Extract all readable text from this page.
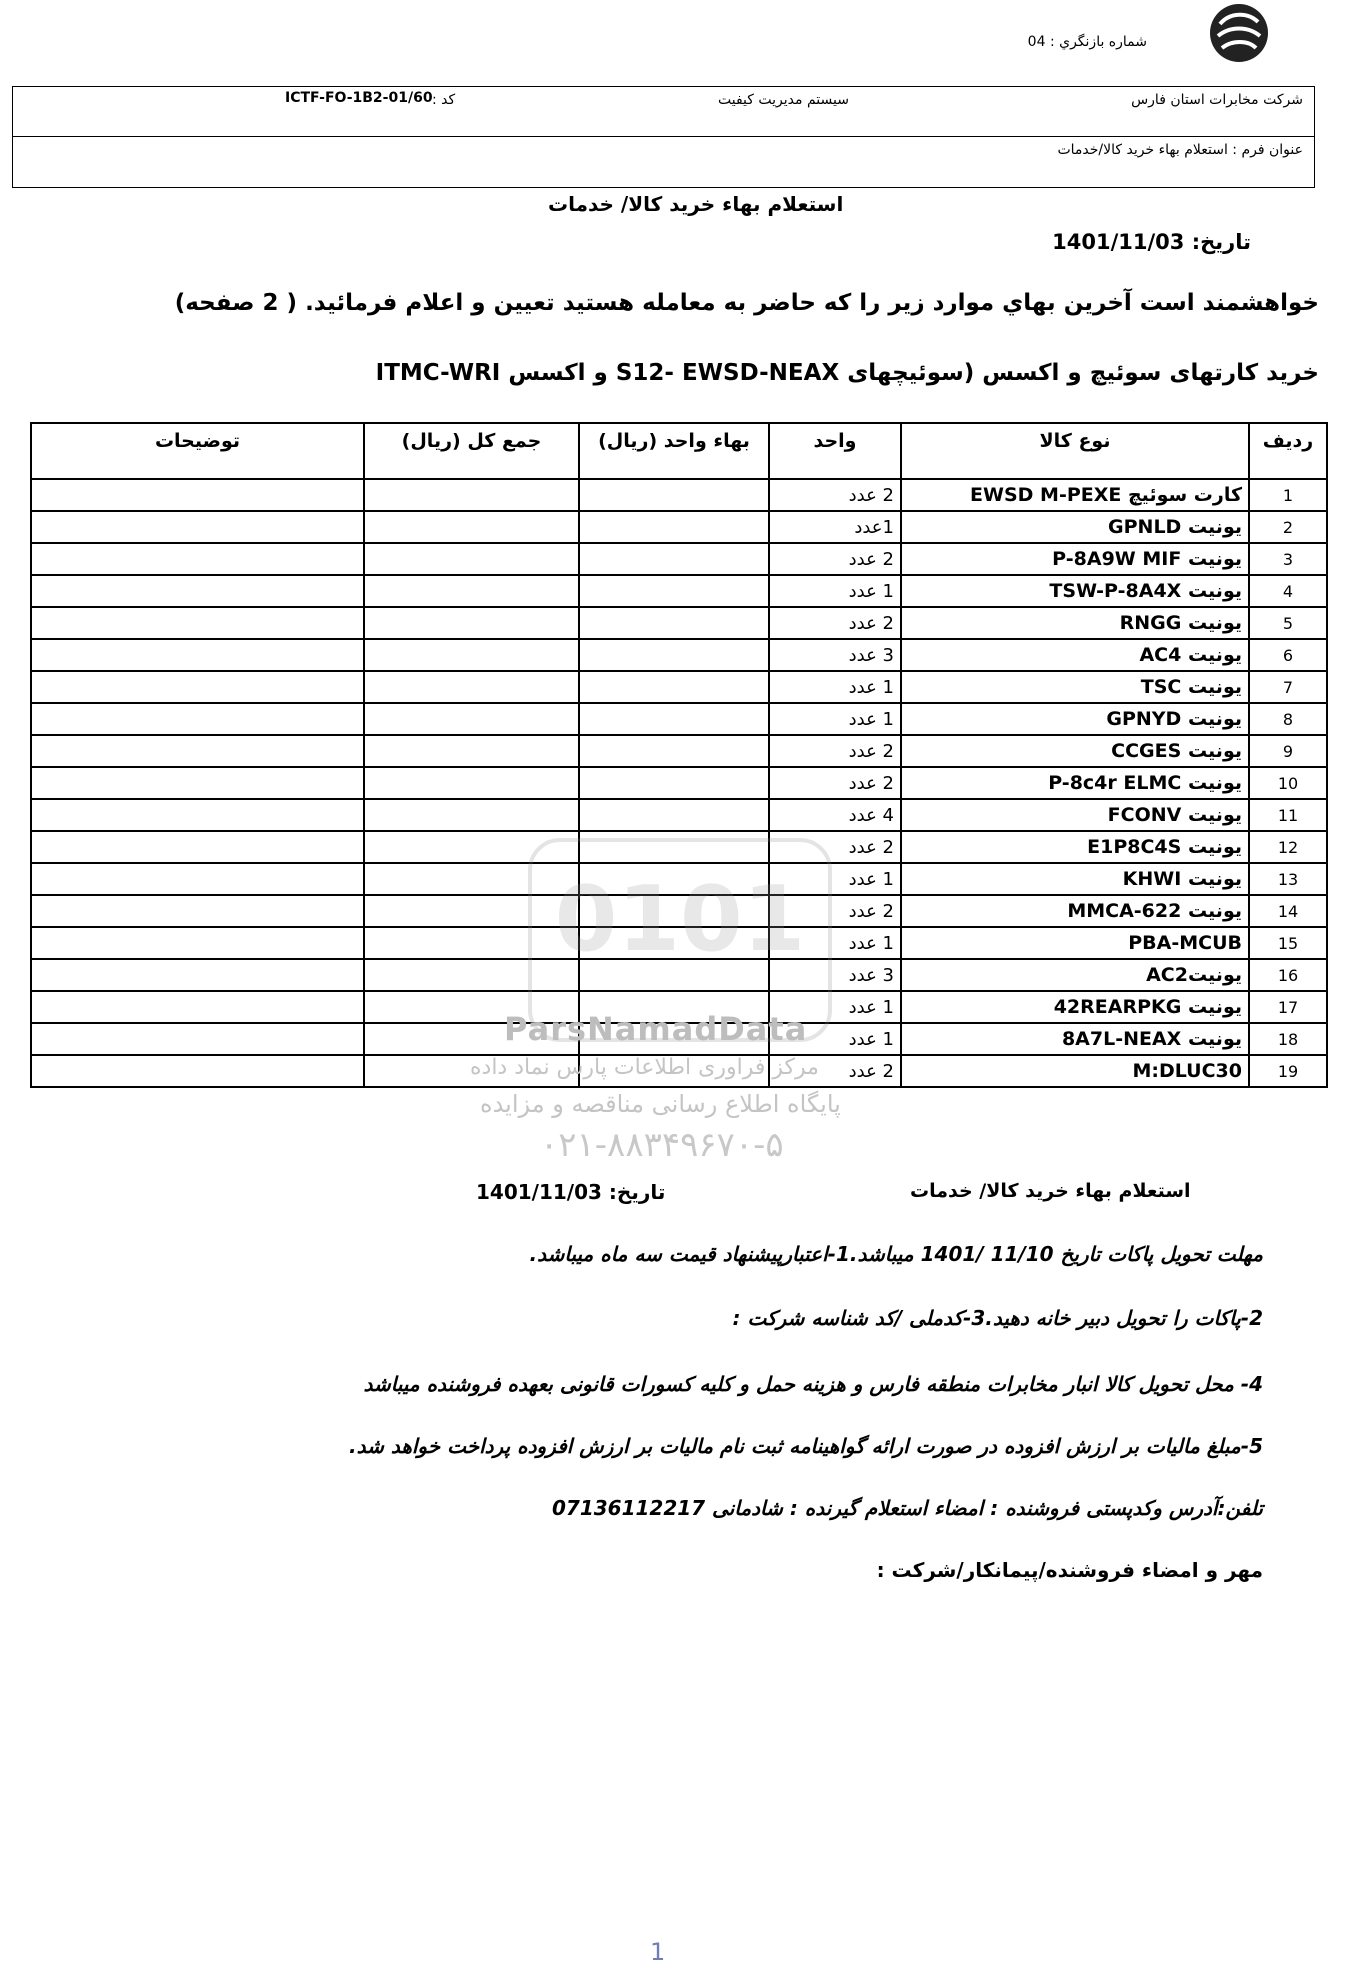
شماره بازنگري : 04
شرکت مخابرات استان فارس
سيستم مديريت کيفيت
کد :
ICTF-FO-1B2-01/60
عنوان فرم : استعلام بهاء خريد کالا/خدمات
استعلام بهاء خريد کالا/ خدمات
تاریخ: 1401/11/03
خواهشمند است آخرين بهاي موارد زير را که حاضر به معامله هستيد تعيين و اعلام فرمائيد. ( 2 صفحه)
خرید کارتهای سوئیچ و اکسس (سوئیچهای S12- EWSD-NEAX و اکسس ITMC-WRI
رديف	نوع کالا	واحد	بهاء واحد (ريال)	جمع کل (ريال)	توضيحات
1	کارت سوئیچ EWSD M-PEXE	2 عدد			
2	یونیت GPNLD	1عدد			
3	یونیت P-8A9W MIF	2 عدد			
4	یونیت TSW-P-8A4X	1 عدد			
5	یونیت RNGG	2 عدد			
6	یونیت AC4	3 عدد			
7	یونیت TSC	1 عدد			
8	یونیت GPNYD	1 عدد			
9	یونیت CCGES	2 عدد			
10	یونیت P-8c4r ELMC	2 عدد			
11	یونیت FCONV	4 عدد			
12	یونیت E1P8C4S	2 عدد			
13	یونیت KHWI	1 عدد			
14	یونیت MMCA-622	2 عدد			
15	PBA-MCUB	1 عدد			
16	یونیتAC2	3 عدد			
17	یونیت 42REARPKG	1 عدد			
18	یونیت 8A7L-NEAX	1 عدد			
19	M:DLUC30	2 عدد			
0101
ParsNamadData
مرکز فراوری اطلاعات پارس نماد داده
پایگاه اطلاع رسانی مناقصه و مزایده
۰۲۱-۸۸۳۴۹۶۷۰-۵
استعلام بهاء خريد کالا/ خدمات
تاریخ: 1401/11/03
مهلت تحویل پاکات تاریخ 11/10 /1401 میباشد.1-اعتبارپیشنهاد قیمت سه ماه میباشد.
2-پاکات را تحویل دبیر خانه دهید.3-کدملی /کد شناسه شرکت :
4- محل تحویل کالا انبار مخابرات منطقه فارس و هزینه حمل و کلیه کسورات قانونی بعهده فروشنده میباشد
5-مبلغ مالیات بر ارزش افزوده در صورت ارائه گواهینامه ثبت نام مالیات بر ارزش افزوده پرداخت خواهد شد.
تلفن:آدرس وکدپستی فروشنده : امضاء استعلام گیرنده : شادمانی 07136112217
مهر و امضاء فروشنده/پیمانکار/شرکت :
1
